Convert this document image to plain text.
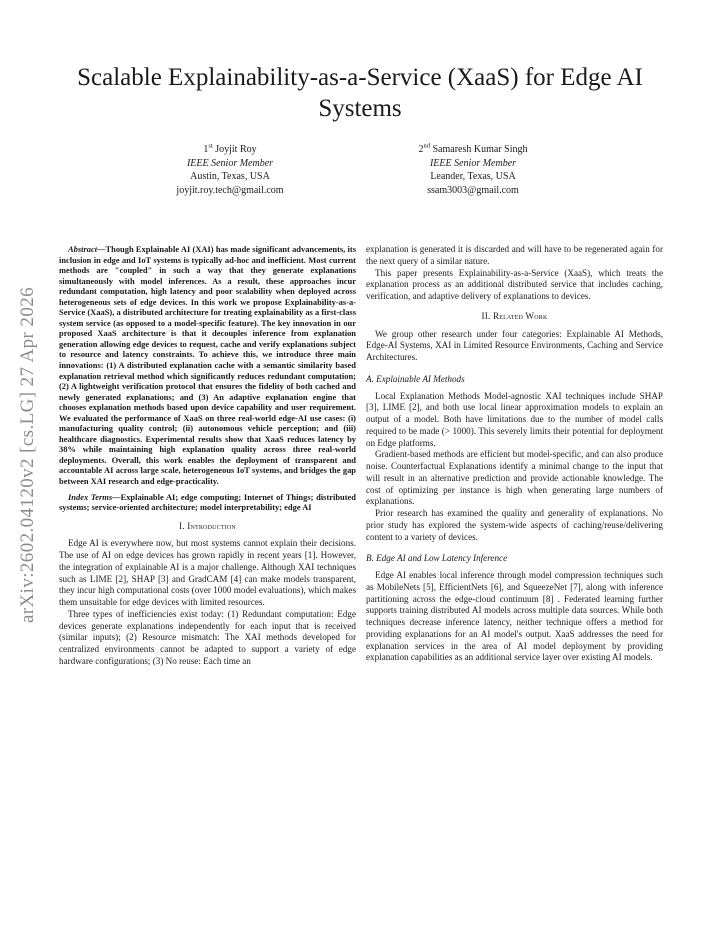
Scalable Explainability-as-a-Service (XaaS) for Edge AI Systems
1st Joyjit Roy
IEEE Senior Member
Austin, Texas, USA
joyjit.roy.tech@gmail.com
2nd Samaresh Kumar Singh
IEEE Senior Member
Leander, Texas, USA
ssam3003@gmail.com
arXiv:2602.04120v2 [cs.LG] 27 Apr 2026

Abstract—Though Explainable AI (XAI) has made significant advancements, its inclusion in edge and IoT systems is typically ad-hoc and inefficient. Most current methods are "coupled" in such a way that they generate explanations simultaneously with model inferences. As a result, these approaches incur redundant computation, high latency and poor scalability when deployed across heterogeneous sets of edge devices. In this work we propose Explainability-as-a-Service (XaaS), a distributed architecture for treating explainability as a first-class system service (as opposed to a model-specific feature). The key innovation in our proposed XaaS architecture is that it decouples inference from explanation generation allowing edge devices to request, cache and verify explanations subject to resource and latency constraints. To achieve this, we introduce three main innovations: (1) A distributed explanation cache with a semantic similarity based explanation retrieval method which significantly reduces redundant computation; (2) A lightweight verification protocol that ensures the fidelity of both cached and newly generated explanations; and (3) An adaptive explanation engine that chooses explanation methods based upon device capability and user requirement. We evaluated the performance of XaaS on three real-world edge-AI use cases: (i) manufacturing quality control; (ii) autonomous vehicle perception; and (iii) healthcare diagnostics. Experimental results show that XaaS reduces latency by 38% while maintaining high explanation quality across three real-world deployments. Overall, this work enables the deployment of transparent and accountable AI across large scale, heterogeneous IoT systems, and bridges the gap between XAI research and edge-practicality.

Index Terms—Explainable AI; edge computing; Internet of Things; distributed systems; service-oriented architecture; model interpretability; edge AI

I. Introduction

Edge AI is everywhere now, but most systems cannot explain their decisions. The use of AI on edge devices has grown rapidly in recent years [1]. However, the integration of explainable AI is a major challenge. Although XAI techniques such as LIME [2], SHAP [3] and GradCAM [4] can make models transparent, they incur high computational costs (over 1000 model evaluations), which makes them unsuitable for edge devices with limited resources.

Three types of inefficiencies exist today: (1) Redundant computation: Edge devices generate explanations independently for each input that is received (similar inputs); (2) Resource mismatch: The XAI methods developed for centralized environments cannot be adapted to support a variety of edge hardware configurations; (3) No reuse: Each time an

explanation is generated it is discarded and will have to be regenerated again for the next query of a similar nature.

This paper presents Explainability-as-a-Service (XaaS), which treats the explanation process as an additional distributed service that includes caching, verification, and adaptive delivery of explanations to devices.

II. Related Work

We group other research under four categories: Explainable AI Methods, Edge-AI Systems, XAI in Limited Resource Environments, Caching and Service Architectures.

A. Explainable AI Methods

Local Explanation Methods Model-agnostic XAI techniques include SHAP [3], LIME [2], and both use local linear approximation models to explain an output of a model. Both have limitations due to the number of model calls required to be made (> 1000). This severely limits their potential for deployment on Edge platforms.

Gradient-based methods are efficient but model-specific, and can also produce noise. Counterfactual Explanations identify a minimal change to the input that will result in an alternative prediction and provide actionable knowledge. The cost of optimizing per instance is high when generating large numbers of explanations.

Prior research has examined the quality and generality of explanations. No prior study has explored the system-wide aspects of caching/reuse/delivering content to a variety of devices.

B. Edge AI and Low Latency Inference

Edge AI enables local inference through model compression techniques such as MobileNets [5], EfficientNets [6], and SqueezeNet [7], along with inference partitioning across the edge-cloud continuum [8] . Federated learning further supports training distributed AI models across multiple data sources. While both techniques decrease inference latency, neither technique offers a method for providing explanations for an AI model's output. XaaS addresses the need for explanation services in the area of AI model deployment by providing explanation capabilities as an additional service layer over existing AI models.
